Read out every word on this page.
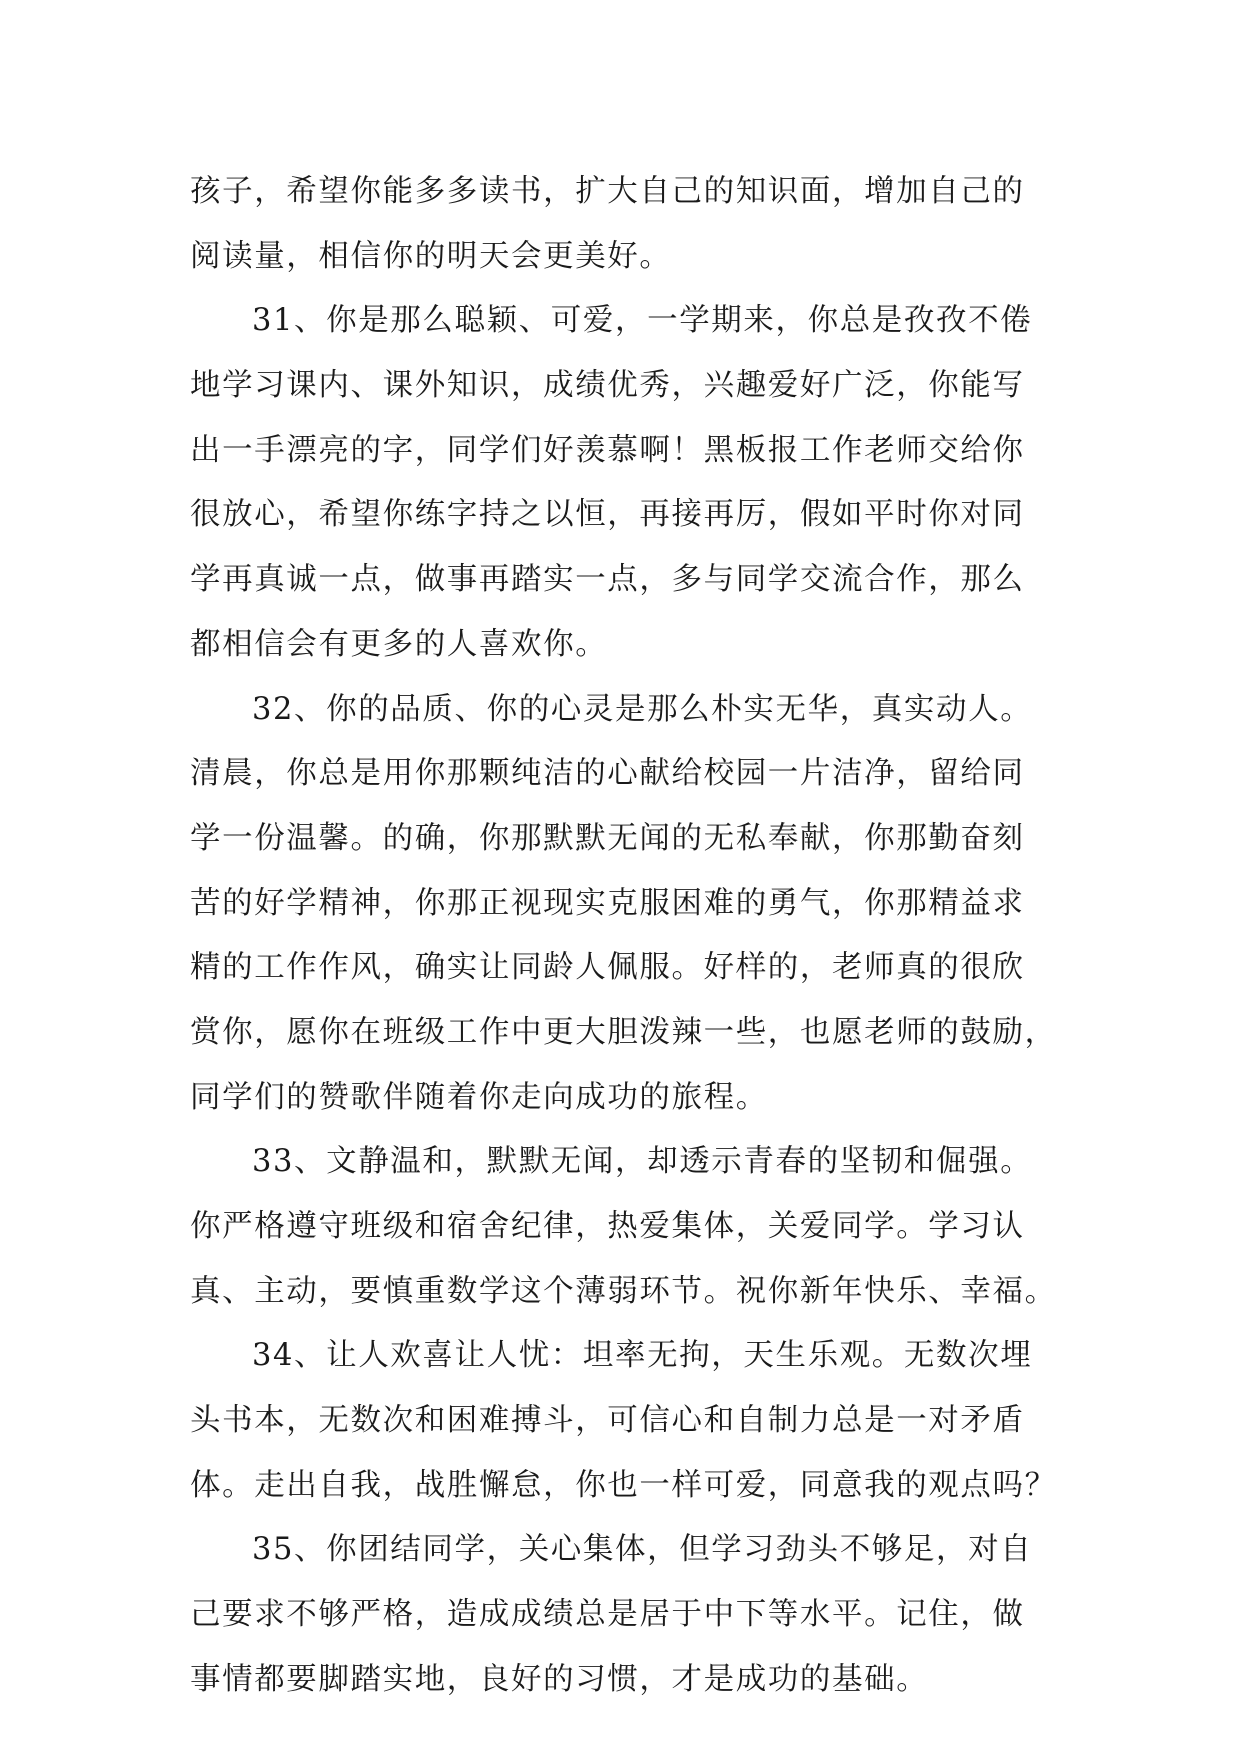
孩子，希望你能多多读书，扩大自己的知识面，增加自己的
阅读量，相信你的明天会更美好。
31、你是那么聪颖、可爱，一学期来，你总是孜孜不倦
地学习课内、课外知识，成绩优秀，兴趣爱好广泛，你能写
出一手漂亮的字，同学们好羡慕啊！黑板报工作老师交给你
很放心，希望你练字持之以恒，再接再厉，假如平时你对同
学再真诚一点，做事再踏实一点，多与同学交流合作，那么
都相信会有更多的人喜欢你。
32、你的品质、你的心灵是那么朴实无华，真实动人。
清晨，你总是用你那颗纯洁的心献给校园一片洁净，留给同
学一份温馨。的确，你那默默无闻的无私奉献，你那勤奋刻
苦的好学精神，你那正视现实克服困难的勇气，你那精益求
精的工作作风，确实让同龄人佩服。好样的，老师真的很欣
赏你，愿你在班级工作中更大胆泼辣一些，也愿老师的鼓励，
同学们的赞歌伴随着你走向成功的旅程。
33、文静温和，默默无闻，却透示青春的坚韧和倔强。
你严格遵守班级和宿舍纪律，热爱集体，关爱同学。学习认
真、主动，要慎重数学这个薄弱环节。祝你新年快乐、幸福。
34、让人欢喜让人忧：坦率无拘，天生乐观。无数次埋
头书本，无数次和困难搏斗，可信心和自制力总是一对矛盾
体。走出自我，战胜懈怠，你也一样可爱，同意我的观点吗？
35、你团结同学，关心集体，但学习劲头不够足，对自
己要求不够严格，造成成绩总是居于中下等水平。记住，做
事情都要脚踏实地，良好的习惯，才是成功的基础。
